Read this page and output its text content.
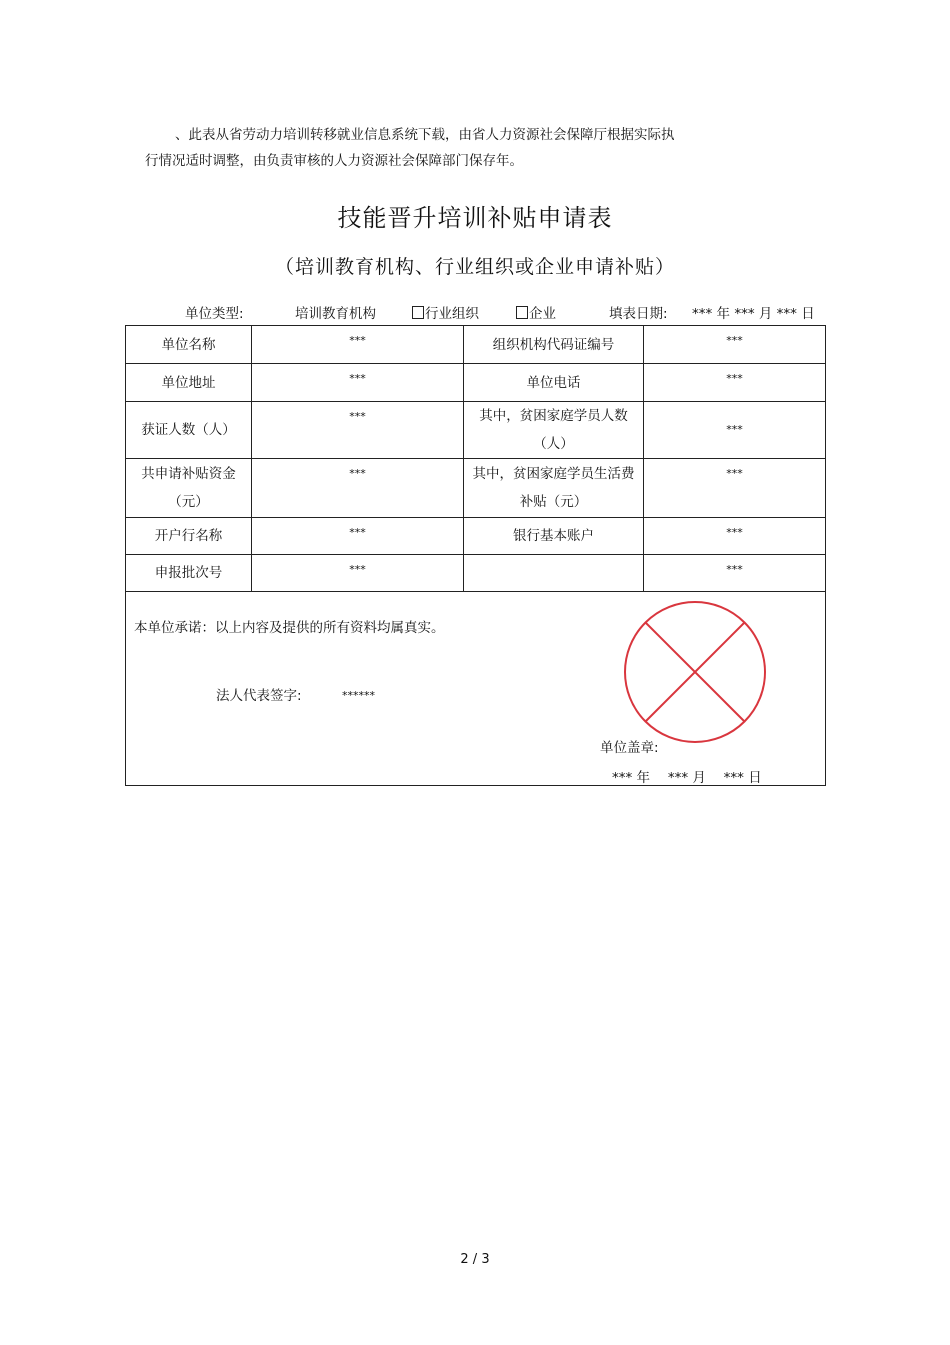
、此表从省劳动力培训转移就业信息系统下载，由省人力资源社会保障厅根据实际执
行情况适时调整，由负责审核的人力资源社会保障部门保存年。
技能晋升培训补贴申请表
（培训教育机构、行业组织或企业申请补贴）
单位类型:	培训教育机构	行业组织	企业	填表日期: *** 年 *** 月 *** 日
单位名称	***	组织机构代码证编号	***
单位地址	***	单位电话	***
获证人数（人）	***	其中，贫困家庭学员人数（人）	***
共申请补贴资金（元）	***	其中，贫困家庭学员生活费补贴（元）	***
开户行名称	***	银行基本账户	***
申报批次号	***		***

本单位承诺：以上内容及提供的所有资料均属真实。
法人代表签字: ******
单位盖章:
*** 年　 *** 月　 *** 日			
2 / 3
